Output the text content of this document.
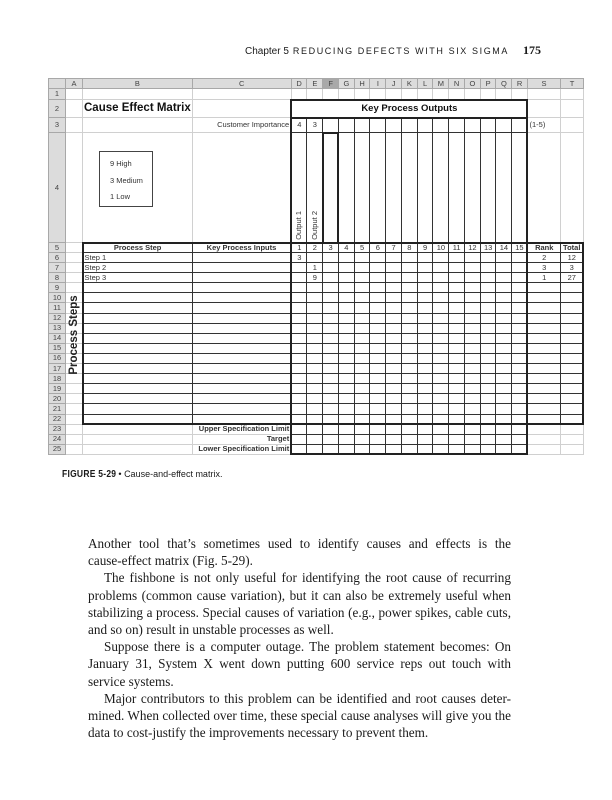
Chapter 5 REDUCING DEFECTS WITH SIX SIGMA 175
	A	B	C	D	E	F	G	H	I	J	K	L	M	N	O	P	Q	R	S	T
1																				
2		Cause Effect Matrix		Key Process Outputs																
3			Customer Importance	4	3														(1-5)	
4				Output 1	Output 2															
5		Process Step	Key Process Inputs	1	2	3	4	5	6	7	8	9	10	11	12	13	14	15	Rank	Total
6		Step 1		3															2	12
7		Step 2			1														3	3
8		Step 3			9														1	27
9																				
10																				
11																				
12																				
13																				
14																				
15																				
16																				
17																				
18																				
19																				
20																				
21																				
22																				
23			Upper Specification Limit																	
24			Target																	
25			Lower Specification Limit																	
9 High
3 Medium
1 Low
Process Steps
FIGURE 5-29 • Cause-and-effect matrix.
Another tool that’s sometimes used to identify causes and effects is the
cause-effect matrix (Fig. 5-29).
The fishbone is not only useful for identifying the root cause of recurring
problems (common cause variation), but it can also be extremely useful when
stabilizing a process. Special causes of variation (e.g., power spikes, cable cuts,
and so on) result in unstable processes as well.
Suppose there is a computer outage. The problem statement becomes: On
January 31, System X went down putting 600 service reps out touch with
service systems.
Major contributors to this problem can be identified and root causes deter-
mined. When collected over time, these special cause analyses will give you the
data to cost-justify the improvements necessary to prevent them.
